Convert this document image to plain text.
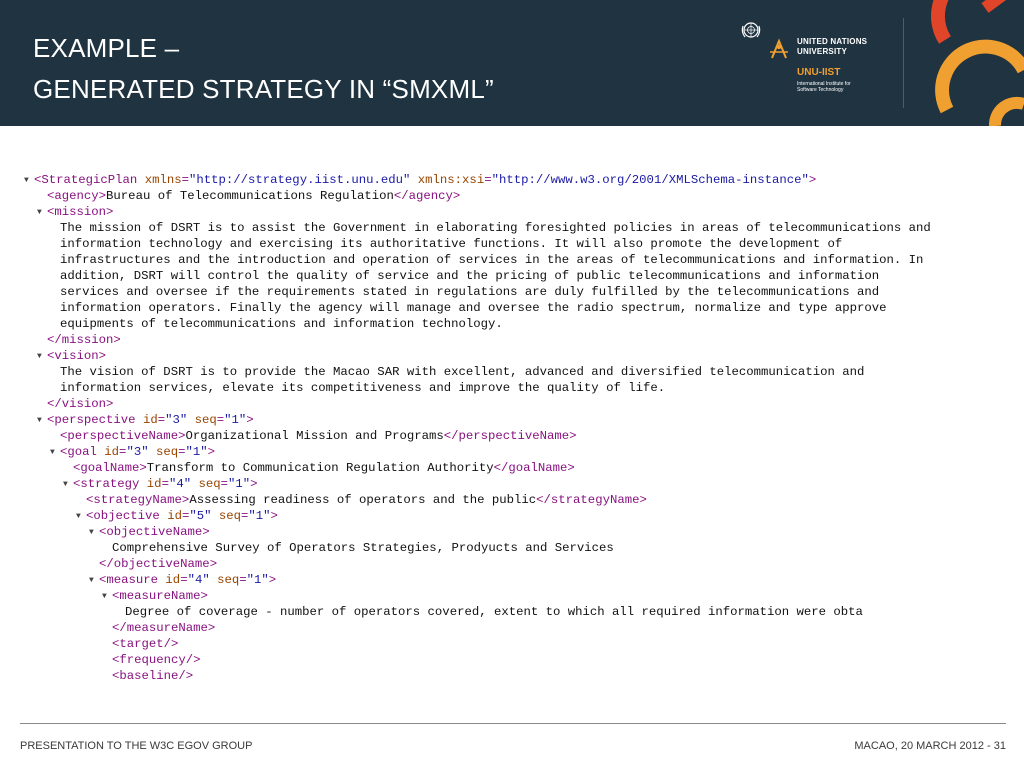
EXAMPLE –
GENERATED STRATEGY IN “SMXML”
UNITED NATIONS
UNIVERSITY
UNU-IIST
International Institute for
Software Technology
▼ <StrategicPlan xmlns="http://strategy.iist.unu.edu" xmlns:xsi="http://www.w3.org/2001/XMLSchema-instance">
<agency>Bureau of Telecommunications Regulation</agency>
▼ <mission>
The mission of DSRT is to assist the Government in elaborating foresighted policies in areas of telecommunications and
information technology and exercising its authoritative functions. It will also promote the development of
infrastructures and the introduction and operation of services in the areas of telecommunications and information. In
addition, DSRT will control the quality of service and the pricing of public telecommunications and information
services and oversee if the requirements stated in regulations are duly fulfilled by the telecommunications and
information operators. Finally the agency will manage and oversee the radio spectrum, normalize and type approve
equipments of telecommunications and information technology.
</mission>
▼ <vision>
The vision of DSRT is to provide the Macao SAR with excellent, advanced and diversified telecommunication and
information services, elevate its competitiveness and improve the quality of life.
</vision>
▼ <perspective id="3" seq="1">
<perspectiveName>Organizational Mission and Programs</perspectiveName>
▼ <goal id="3" seq="1">
<goalName>Transform to Communication Regulation Authority</goalName>
▼ <strategy id="4" seq="1">
<strategyName>Assessing readiness of operators and the public</strategyName>
▼ <objective id="5" seq="1">
▼ <objectiveName>
Comprehensive Survey of Operators Strategies, Prodyucts and Services
</objectiveName>
▼ <measure id="4" seq="1">
▼ <measureName>
Degree of coverage - number of operators covered, extent to which all required information were obta
</measureName>
<target/>
<frequency/>
<baseline/>
PRESENTATION TO THE W3C EGOV GROUP	MACAO, 20 MARCH 2012 - 31
